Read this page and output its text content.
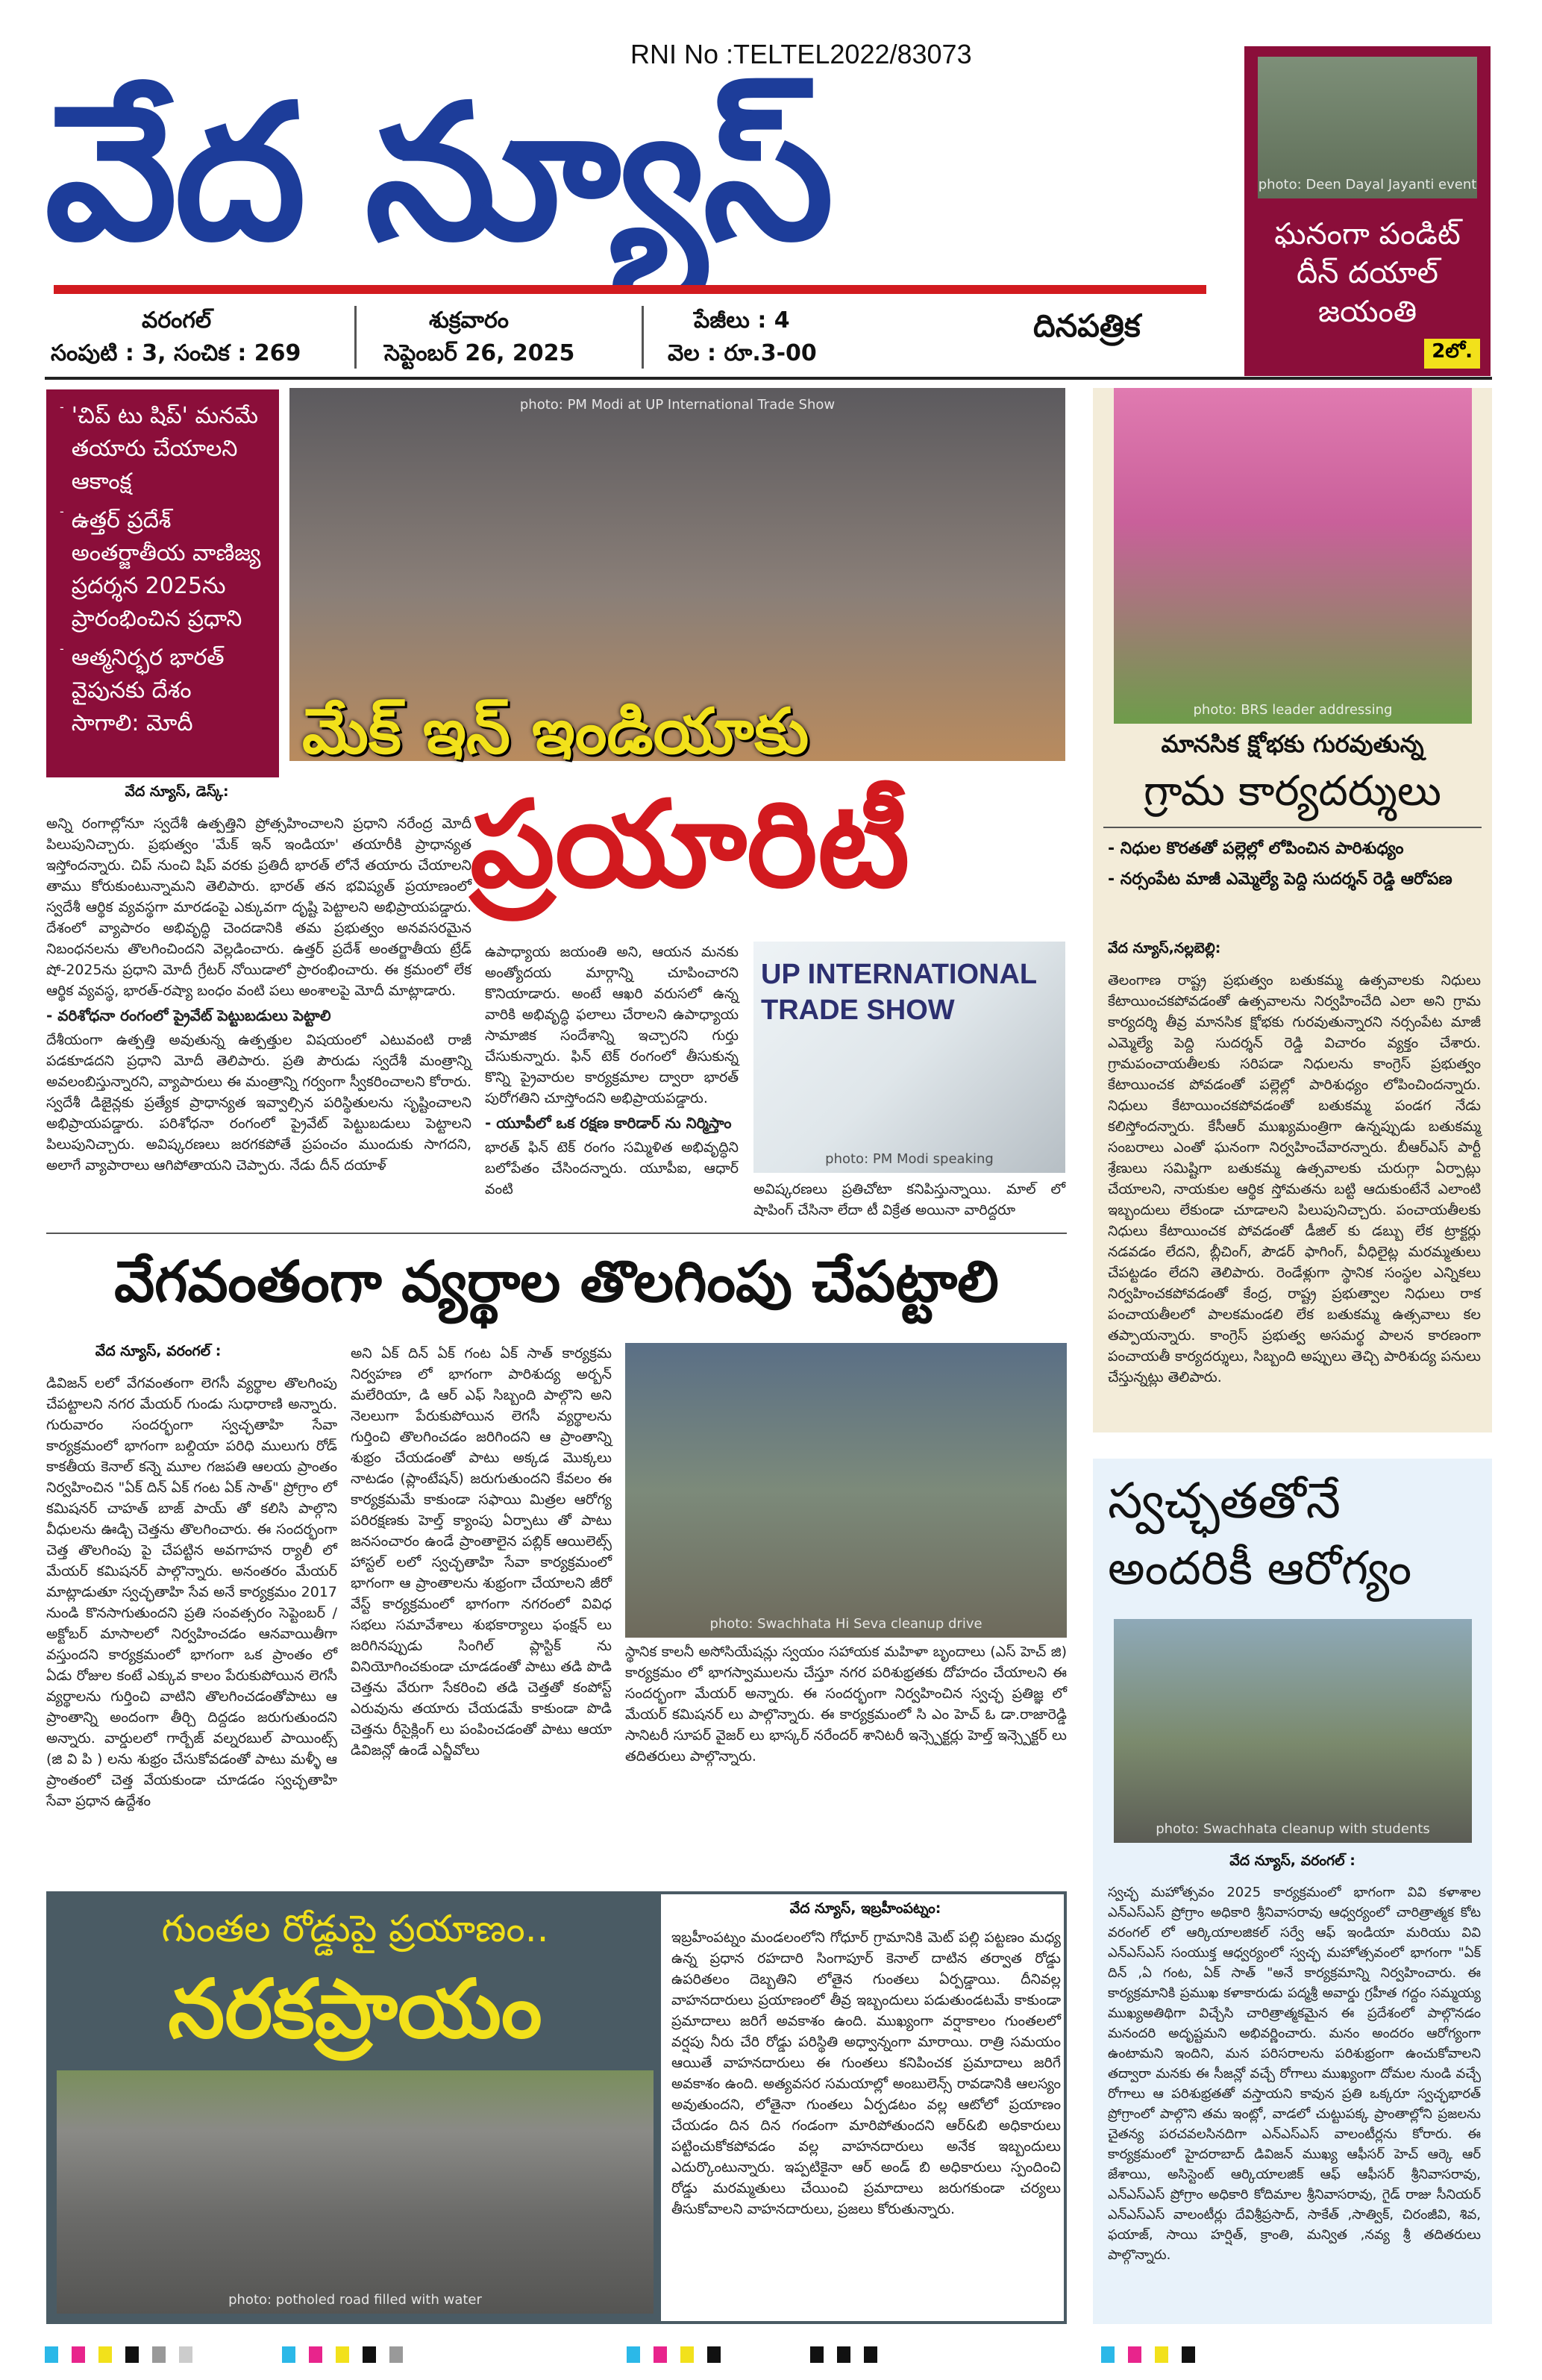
RNI No :TELTEL2022/83073
వేద న్యూస్
దినపత్రిక
వరంగల్
సంపుటి : 3, సంచిక : 269
శుక్రవారం
సెప్టెంబర్ 26, 2025
పేజీలు : 4
వెల : రూ.3-00
photo: Deen Dayal Jayanti event
ఘనంగా పండిట్ దీన్ దయాల్ జయంతి
2లో.
- 'చిప్ టు షిప్' మనమే తయారు చేయాలని ఆకాంక్ష
- ఉత్తర్ ప్రదేశ్ అంతర్జాతీయ వాణిజ్య ప్రదర్శన 2025ను ప్రారంభించిన ప్రధాని
- ఆత్మనిర్భర భారత్ వైపునకు దేశం సాగాలి: మోదీ
photo: PM Modi at UP International Trade Show
మేక్ ఇన్ ఇండియాకు
ప్రయారిటీ
వేద న్యూస్, డెస్క్:

అన్ని రంగాల్లోనూ స్వదేశీ ఉత్పత్తిని ప్రోత్సహించాలని ప్రధాని నరేంద్ర మోదీ పిలుపునిచ్చారు. ప్రభుత్వం 'మేక్ ఇన్ ఇండియా' తయారీకి ప్రాధాన్యత ఇస్తోందన్నారు. చిప్ నుంచి షిప్ వరకు ప్రతిదీ భారత్ లోనే తయారు చేయాలని తాము కోరుకుంటున్నామని తెలిపారు. భారత్ తన భవిష్యత్ ప్రయాణంలో స్వదేశీ ఆర్థిక వ్యవస్థగా మారడంపై ఎక్కువగా దృష్టి పెట్టాలని అభిప్రాయపడ్డారు. దేశంలో వ్యాపారం అభివృద్ధి చెందడానికి తమ ప్రభుత్వం అనవసరమైన నిబంధనలను తొలగించిందని వెల్లడించారు. ఉత్తర్ ప్రదేశ్ అంతర్జాతీయ ట్రేడ్ షో-2025ను ప్రధాని మోదీ గ్రేటర్ నోయిడాలో ప్రారంభించారు. ఈ క్రమంలో లేక ఆర్థిక వ్యవస్థ, భారత్-రష్యా బంధం వంటి పలు అంశాలపై మోదీ మాట్లాడారు.

- వరిశోధనా రంగంలో ప్రైవేట్ పెట్టుబడులు పెట్టాలి

దేశీయంగా ఉత్పత్తి అవుతున్న ఉత్పత్తుల విషయంలో ఎటువంటి రాజీ పడకూడదని ప్రధాని మోదీ తెలిపారు. ప్రతి పౌరుడు స్వదేశీ మంత్రాన్ని అవలంబిస్తున్నారని, వ్యాపారులు ఈ మంత్రాన్ని గర్వంగా స్వీకరించాలని కోరారు. స్వదేశీ డిజైన్లకు ప్రత్యేక ప్రాధాన్యత ఇవ్వాల్సిన పరిస్థితులను సృష్టించాలని అభిప్రాయపడ్డారు. పరిశోధనా రంగంలో ప్రైవేట్ పెట్టుబడులు పెట్టాలని పిలుపునిచ్చారు. అవిష్కరణలు జరగకపోతే ప్రపంచం ముందుకు సాగదని, అలాగే వ్యాపారాలు ఆగిపోతాయని చెప్పారు. నేడు దీన్ దయాళ్

ఉపాధ్యాయ జయంతి అని, ఆయన మనకు అంత్యోదయ మార్గాన్ని చూపించారని కొనియాడారు. అంటే ఆఖరి వరుసలో ఉన్న వారికి అభివృద్ధి ఫలాలు చేరాలని ఉపాధ్యాయ సామాజిక సందేశాన్ని ఇచ్చారని గుర్తు చేసుకున్నారు. ఫిన్ టెక్ రంగంలో తీసుకున్న కొన్ని ప్రైవారుల కార్యక్రమాల ద్వారా భారత్ పురోగతిని చూస్తోందని అభిప్రాయపడ్డారు.

- యూపీలో ఒక రక్షణ కారిడార్ ను నిర్మిస్తాం

భారత్ ఫిన్ టెక్ రంగం సమ్మిళిత అభివృద్ధిని బలోపేతం చేసిందన్నారు. యూపీఐ, ఆధార్ వంటి

UP INTERNATIONAL TRADE SHOW
photo: PM Modi speaking

అవిష్కరణలు ప్రతిచోటా కనిపిస్తున్నాయి. మాల్ లో షాపింగ్ చేసినా లేదా టీ విక్రేత అయినా వారిద్దరూ

photo: BRS leader addressing
మానసిక క్షోభకు గురవుతున్న
గ్రామ కార్యదర్శులు
- నిధుల కొరతతో పల్లెల్లో లోపించిన పారిశుధ్యం
- నర్సంపేట మాజీ ఎమ్మెల్యే పెద్ది సుదర్శన్ రెడ్డి ఆరోపణ
వేద న్యూస్,నల్లబెల్లి:
తెలంగాణ రాష్ట్ర ప్రభుత్వం బతుకమ్మ ఉత్సవాలకు నిధులు కేటాయించకపోవడంతో ఉత్సవాలను నిర్వహించేది ఎలా అని గ్రామ కార్యదర్శి తీవ్ర మానసిక క్షోభకు గురవుతున్నారని నర్సంపేట మాజీ ఎమ్మెల్యే పెద్ది సుదర్శన్ రెడ్డి విచారం వ్యక్తం చేశారు. గ్రామపంచాయతీలకు సరిపడా నిధులను కాంగ్రెస్ ప్రభుత్వం కేటాయించక పోవడంతో పల్లెల్లో పారిశుధ్యం లోపించిందన్నారు. నిధులు కేటాయించకపోవడంతో బతుకమ్మ పండగ నేడు కలిస్తోందన్నారు. కేసీఆర్ ముఖ్యమంత్రిగా ఉన్నప్పుడు బతుకమ్మ సంబరాలు ఎంతో ఘనంగా నిర్వహించేవారన్నారు. బీఆర్ఎస్ పార్టీ శ్రేణులు సమిష్టిగా బతుకమ్మ ఉత్సవాలకు చురుగ్గా ఏర్పాట్లు చేయాలని, నాయకుల ఆర్థిక స్తోమతను బట్టి ఆదుకుంటేనే ఎలాంటి ఇబ్బందులు లేకుండా చూడాలని పిలుపునిచ్చారు. పంచాయతీలకు నిధులు కేటాయించక పోవడంతో డీజిల్ కు డబ్బు లేక ట్రాక్టర్లు నడవడం లేదని, బ్లీచింగ్, పౌడర్ ఫాగింగ్, వీధిలైట్ల మరమ్మతులు చేపట్టడం లేదని తెలిపారు. రెండేళ్లుగా స్థానిక సంస్థల ఎన్నికలు నిర్వహించకపోవడంతో కేంద్ర, రాష్ట్ర ప్రభుత్వాల నిధులు రాక పంచాయతీలలో పాలకమండలి లేక బతుకమ్మ ఉత్సవాలు కల తప్పాయన్నారు. కాంగ్రెస్ ప్రభుత్వ అసమర్థ పాలన కారణంగా పంచాయతీ కార్యదర్శులు, సిబ్బంది అప్పులు తెచ్చి పారిశుద్య పనులు చేస్తున్నట్లు తెలిపారు.
వేగవంతంగా వ్యర్థాల తొలగింపు చేపట్టాలి
వేద న్యూస్, వరంగల్ :
డివిజన్ లలో వేగవంతంగా లెగసీ వ్యర్థాల తొలగింపు చేపట్టాలని నగర మేయర్ గుండు సుధారాణి అన్నారు. గురువారం సందర్భంగా స్వచ్ఛతాహి సేవా కార్యక్రమంలో భాగంగా బల్దియా పరిధి ములుగు రోడ్ కాకతీయ కెనాల్ కన్నె మూల గజపతి ఆలయ ప్రాంతం నిర్వహించిన "ఏక్ దిన్ ఏక్ గంట ఏక్ సాత్" ప్రోగ్రాం లో కమిషనర్ చాహత్ బాజ్ పాయ్ తో కలిసి పాల్గొని వీధులను ఊడ్చి చెత్తను తొలగించారు. ఈ సందర్భంగా చెత్త తొలగింపు పై చేపట్టిన అవగాహన ర్యాలీ లో మేయర్ కమిషనర్ పాల్గొన్నారు. అనంతరం మేయర్ మాట్లాడుతూ స్వచ్ఛతాహి సేవ అనే కార్యక్రమం 2017 నుండి కొనసాగుతుందని ప్రతి సంవత్సరం సెప్టెంబర్ /అక్టోబర్ మాసాలలో నిర్వహించడం ఆనవాయితీగా వస్తుందని కార్యక్రమంలో భాగంగా ఒక ప్రాంతం లో ఏడు రోజుల కంటే ఎక్కువ కాలం పేరుకుపోయిన లెగసీ వ్యర్థాలను గుర్తించి వాటిని తొలగించడంతోపాటు ఆ ప్రాంతాన్ని అందంగా తీర్చి దిద్దడం జరుగుతుందని అన్నారు. వార్డులలో గార్బేజ్ వల్నరబుల్ పాయింట్స్ (జి వి పి ) లను శుభ్రం చేసుకోవడంతో పాటు మళ్ళీ ఆ ప్రాంతంలో చెత్త వేయకుండా చూడడం స్వచ్ఛతాహి సేవా ప్రధాన ఉద్దేశం
అని ఏక్ దిన్ ఏక్ గంట ఏక్ సాత్ కార్యక్రమ నిర్వహణ లో భాగంగా పారిశుద్య అర్బన్ మలేరియా, డి ఆర్ ఎఫ్ సిబ్బంది పాల్గొని అని నెలలుగా పేరుకుపోయిన లెగసీ వ్యర్థాలను గుర్తించి తొలగించడం జరిగిందని ఆ ప్రాంతాన్ని శుభ్రం చేయడంతో పాటు అక్కడ మొక్కలు నాటడం (ప్లాంటేషన్) జరుగుతుందని కేవలం ఈ కార్యక్రమమే కాకుండా సఫాయి మిత్రల ఆరోగ్య పరిరక్షణకు హెల్త్ క్యాంపు ఏర్పాటు తో పాటు జనసంచారం ఉండే ప్రాంతాలైన పబ్లిక్ ఆయిలెట్స్ హాస్టల్ లలో స్వచ్ఛతాహి సేవా కార్యక్రమంలో భాగంగా ఆ ప్రాంతాలను శుభ్రంగా చేయాలని జీరో వేస్ట్ కార్యక్రమంలో భాగంగా నగరంలో వివిధ సభలు సమావేశాలు శుభకార్యాలు ఫంక్షన్ లు జరిగినప్పుడు సింగిల్ ప్లాస్టిక్ ను వినియోగించకుండా చూడడంతో పాటు తడి పొడి చెత్తను వేరుగా సేకరించి తడి చెత్తతో కంపోస్ట్ ఎరువును తయారు చేయడమే కాకుండా పొడి చెత్తను రీసైక్లింగ్ లు పంపించడంతో పాటు ఆయా డివిజన్లో ఉండే ఎన్జీవోలు
photo: Swachhata Hi Seva cleanup drive
స్థానిక కాలనీ అసోసియేషన్లు స్వయం సహాయక మహిళా బృందాలు (ఎస్ హెచ్ జి) కార్యక్రమం లో భాగస్వాములను చేస్తూ నగర పరిశుభ్రతకు దోహదం చేయాలని ఈ సందర్భంగా మేయర్ అన్నారు. ఈ సందర్భంగా నిర్వహించిన స్వచ్ఛ ప్రతిజ్ఞ లో మేయర్ కమిషనర్ లు పాల్గొన్నారు. ఈ కార్యక్రమంలో సి ఎం హెచ్ ఓ డా.రాజారెడ్డి సానిటరీ సూపర్ వైజర్ లు భాస్కర్ నరేందర్ శానిటరీ ఇన్స్పెక్టర్లు హెల్త్ ఇన్స్పెక్టర్ లు తదితరులు పాల్గొన్నారు.
స్వచ్ఛతతోనే
అందరికీ ఆరోగ్యం
photo: Swachhata cleanup with students
వేద న్యూస్, వరంగల్ :
స్వచ్ఛ మహోత్సవం 2025 కార్యక్రమంలో భాగంగా వివి కళాశాల ఎన్ఎస్ఎస్ ప్రోగ్రాం అధికారి శ్రీనివాసరావు ఆధ్వర్యంలో చారిత్రాత్మక కోట వరంగల్ లో ఆర్కియాలజికల్ సర్వే ఆఫ్ ఇండియా మరియు వివి ఎన్ఎస్ఎస్ సంయుక్త ఆధ్వర్యంలో స్వచ్ఛ మహోత్సవంలో భాగంగా "ఏక్ దిన్ ,ఏ గంట, ఏక్ సాత్ "అనే కార్యక్రమాన్ని నిర్వహించారు. ఈ కార్యక్రమానికి ప్రముఖ కళాకారుడు పద్మశ్రీ అవార్డు గ్రహీత గద్దం సమ్మయ్య ముఖ్యఅతిథిగా విచ్చేసి చారిత్రాత్మకమైన ఈ ప్రదేశంలో పాల్గొనడం మనందరి అదృష్టమని అభివర్ణించారు. మనం అందరం ఆరోగ్యంగా ఉంటామని ఇందిని, మన పరిసరాలను పరిశుభ్రంగా ఉంచుకోవాలని తద్వారా మనకు ఈ సీజన్లో వచ్చే రోగాలు ముఖ్యంగా దోమల నుండి వచ్చే రోగాలు ఆ పరిశుభ్రతతో వస్తాయని కావున ప్రతి ఒక్కరూ స్వచ్ఛభారత్ ప్రోగ్రాంలో పాల్గొని తమ ఇంట్లో, వాడలో చుట్టుపక్క ప్రాంతాల్లోని ప్రజలను చైతన్య పరచవలసినదిగా ఎన్ఎస్ఎస్ వాలంటీర్లను కోరారు. ఈ కార్యక్రమంలో హైదరాబాద్ డివిజన్ ముఖ్య ఆఫీసర్ హెచ్ ఆర్కె ఆర్ జేశాయి, అసిస్టెంట్ ఆర్కియాలజిక్ ఆఫ్ ఆఫీసర్ శ్రీనివాసరావు, ఎన్ఎస్ఎస్ ప్రోగ్రాం అధికారి కోదిమాల శ్రీనివాసరావు, గైడ్ రాజు సీనియర్ ఎన్ఎస్ఎస్ వాలంటీర్లు దేవిశ్రీప్రసాద్, సాకేత్ ,సాత్విక్, చిరంజీవి, శివ, ఫయాజ్, సాయి హర్షిత్, క్రాంతి, మన్విత ,నవ్య శ్రీ తదితరులు పాల్గొన్నారు.
గుంతల రోడ్డుపై ప్రయాణం..
నరకప్రాయం
photo: potholed road filled with water
వేద న్యూస్, ఇబ్రహీంపట్నం:
ఇబ్రహీంపట్నం మండలంలోని గోధూర్ గ్రామానికి మెట్ పల్లి పట్టణం మధ్య ఉన్న ప్రధాన రహదారి సింగాపూర్ కెనాల్ దాటిన తర్వాత రోడ్డు ఉపరితలం దెబ్బతిని లోతైన గుంతలు ఏర్పడ్డాయి. దీనివల్ల వాహనదారులు ప్రయాణంలో తీవ్ర ఇబ్బందులు పడుతుండటమే కాకుండా ప్రమాదాలు జరిగే అవకాశం ఉంది. ముఖ్యంగా వర్షాకాలం గుంతలలో వర్షపు నీరు చేరి రోడ్డు పరిస్థితి అధ్వాన్నంగా మారాయి. రాత్రి సమయం ఆయితే వాహనదారులు ఈ గుంతలు కనిపించక ప్రమాదాలు జరిగే అవకాశం ఉంది. అత్యవసర సమయాల్లో అంబులెన్స్ రావడానికి ఆలస్యం అవుతుందని, లోతైనా గుంతలు ఏర్పడటం వల్ల ఆటోలో ప్రయాణం చేయడం దిన దిన గండంగా మారిపోతుందని ఆర్&బి అధికారులు పట్టించుకోకపోవడం వల్ల వాహనదారులు అనేక ఇబ్బందులు ఎదుర్కొంటున్నారు. ఇప్పటికైనా ఆర్ అండ్ బి అధికారులు స్పందించి రోడ్డు మరమ్మతులు చేయించి ప్రమాదాలు జరుగకుండా చర్యలు తీసుకోవాలని వాహనదారులు, ప్రజలు కోరుతున్నారు.
